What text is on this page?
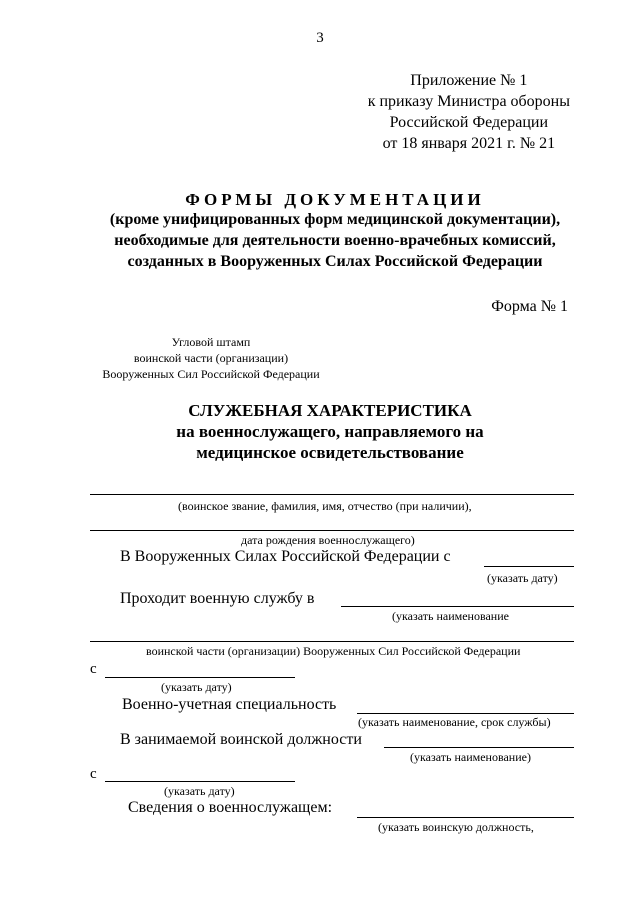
3
Приложение № 1
к приказу Министра обороны
Российской Федерации
от 18 января 2021 г. № 21
ФОРМЫ ДОКУМЕНТАЦИИ
(кроме унифицированных форм медицинской документации),
необходимые для деятельности военно-врачебных комиссий,
созданных в Вооруженных Силах Российской Федерации
Форма № 1
Угловой штамп
воинской части (организации)
Вооруженных Сил Российской Федерации
СЛУЖЕБНАЯ ХАРАКТЕРИСТИКА
на военнослужащего, направляемого на
медицинское освидетельствование
(воинское звание, фамилия, имя, отчество (при наличии),
дата рождения военнослужащего)
В Вооруженных Силах Российской Федерации с
(указать дату)
Проходит военную службу в
(указать наименование
воинской части (организации) Вооруженных Сил Российской Федерации
с
(указать дату)
Военно-учетная специальность
(указать наименование, срок службы)
В занимаемой воинской должности
(указать наименование)
с
(указать дату)
Сведения о военнослужащем:
(указать воинскую должность,
